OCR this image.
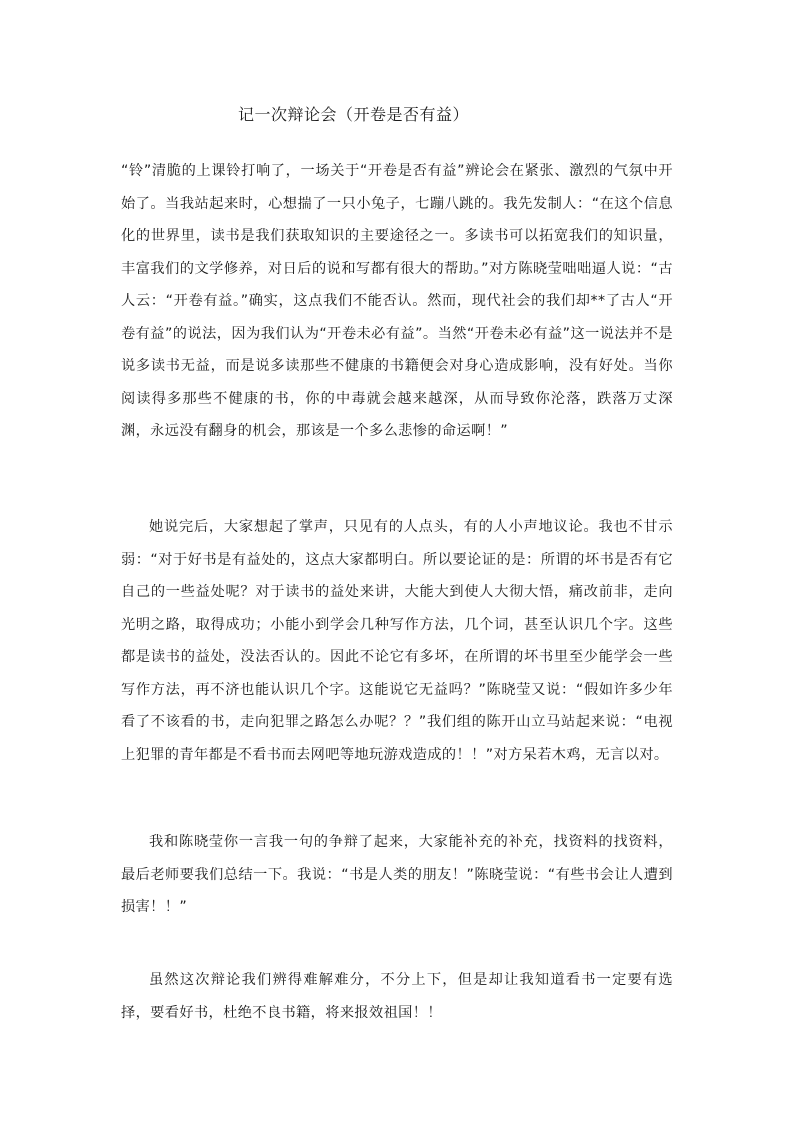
记一次辩论会（开卷是否有益）

“铃”清脆的上课铃打响了，一场关于“开卷是否有益”辨论会在紧张、激烈的气氛中开始了。当我站起来时，心想揣了一只小兔子，七蹦八跳的。我先发制人：“在这个信息化的世界里，读书是我们获取知识的主要途径之一。多读书可以拓宽我们的知识量，丰富我们的文学修养，对日后的说和写都有很大的帮助。”对方陈晓莹咄咄逼人说：“古人云：“开卷有益。”确实，这点我们不能否认。然而，现代社会的我们却**了古人“开卷有益”的说法，因为我们认为“开卷未必有益”。当然“开卷未必有益”这一说法并不是说多读书无益，而是说多读那些不健康的书籍便会对身心造成影响，没有好处。当你阅读得多那些不健康的书，你的中毒就会越来越深，从而导致你沦落，跌落万丈深渊，永远没有翻身的机会，那该是一个多么悲惨的命运啊！”

她说完后，大家想起了掌声，只见有的人点头，有的人小声地议论。我也不甘示弱：“对于好书是有益处的，这点大家都明白。所以要论证的是：所谓的坏书是否有它自己的一些益处呢？对于读书的益处来讲，大能大到使人大彻大悟，痛改前非，走向光明之路，取得成功；小能小到学会几种写作方法，几个词，甚至认识几个字。这些都是读书的益处，没法否认的。因此不论它有多坏，在所谓的坏书里至少能学会一些写作方法，再不济也能认识几个字。这能说它无益吗？”陈晓莹又说：“假如许多少年看了不该看的书，走向犯罪之路怎么办呢？？”我们组的陈开山立马站起来说：“电视上犯罪的青年都是不看书而去网吧等地玩游戏造成的！！”对方呆若木鸡，无言以对。

我和陈晓莹你一言我一句的争辩了起来，大家能补充的补充，找资料的找资料，最后老师要我们总结一下。我说：“书是人类的朋友！”陈晓莹说：“有些书会让人遭到损害！！”

虽然这次辩论我们辨得难解难分，不分上下，但是却让我知道看书一定要有选择，要看好书，杜绝不良书籍，将来报效祖国！！
